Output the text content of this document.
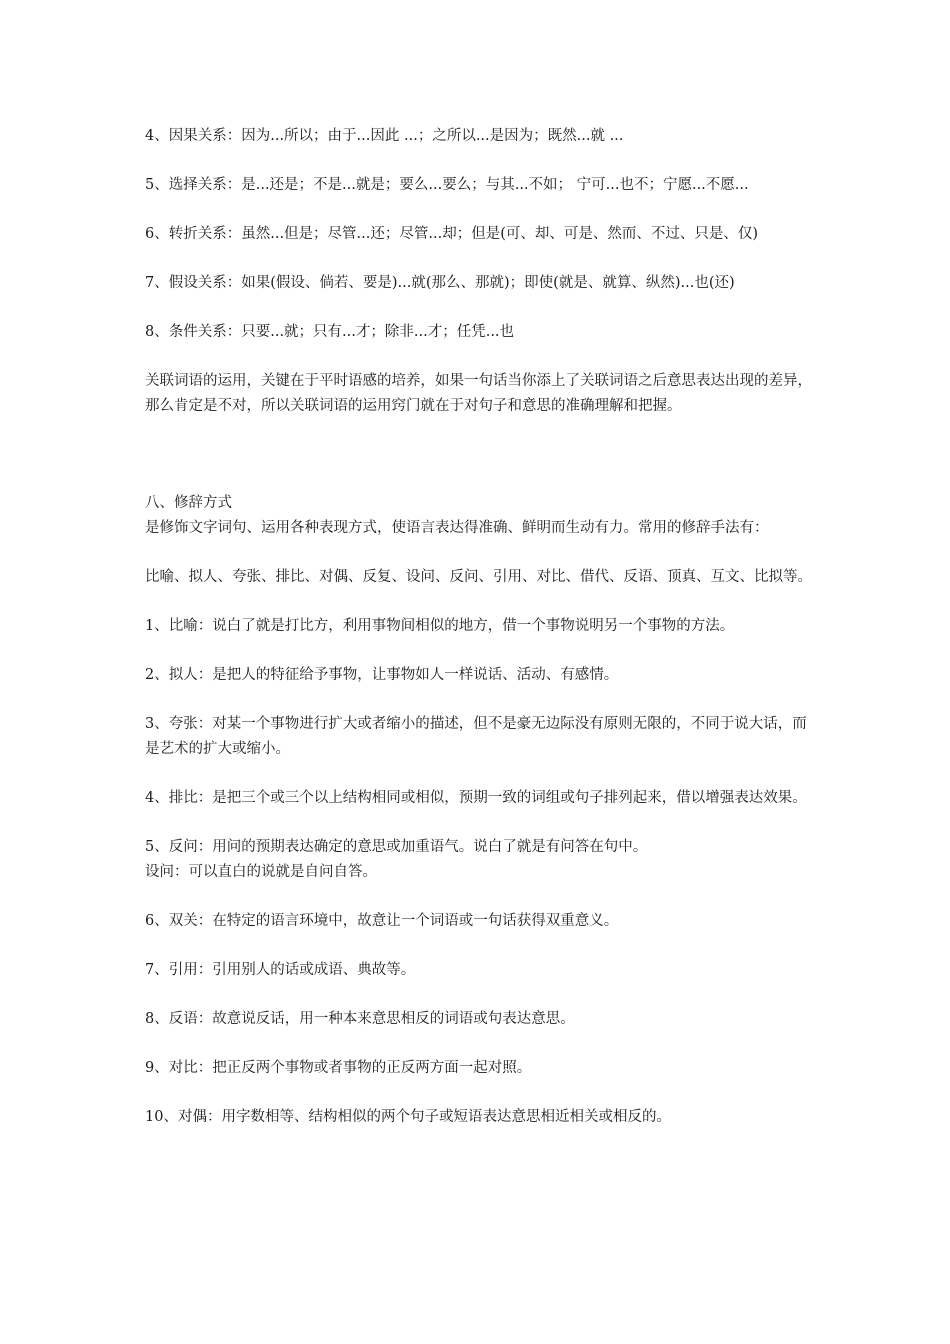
4、因果关系：因为...所以；由于...因此 ...；之所以...是因为；既然...就 ...

5、选择关系：是...还是；不是...就是；要么...要么；与其...不如； 宁可...也不；宁愿...不愿...

6、转折关系：虽然...但是；尽管...还；尽管...却；但是(可、却、可是、然而、不过、只是、仅)

7、假设关系：如果(假设、倘若、要是)...就(那么、那就)；即使(就是、就算、纵然)...也(还)

8、条件关系：只要...就；只有...才；除非...才；任凭...也

关联词语的运用，关键在于平时语感的培养，如果一句话当你添上了关联词语之后意思表达出现的差异，那么肯定是不对，所以关联词语的运用窍门就在于对句子和意思的准确理解和把握。

八、修辞方式

是修饰文字词句、运用各种表现方式，使语言表达得准确、鲜明而生动有力。常用的修辞手法有：

比喻、拟人、夸张、排比、对偶、反复、设问、反问、引用、对比、借代、反语、顶真、互文、比拟等。

1、比喻：说白了就是打比方，利用事物间相似的地方，借一个事物说明另一个事物的方法。

2、拟人：是把人的特征给予事物，让事物如人一样说话、活动、有感情。

3、夸张：对某一个事物进行扩大或者缩小的描述，但不是豪无边际没有原则无限的，不同于说大话，而是艺术的扩大或缩小。

4、排比：是把三个或三个以上结构相同或相似，预期一致的词组或句子排列起来，借以增强表达效果。

5、反问：用问的预期表达确定的意思或加重语气。说白了就是有问答在句中。

设问：可以直白的说就是自问自答。

6、双关：在特定的语言环境中，故意让一个词语或一句话获得双重意义。

7、引用：引用别人的话或成语、典故等。

8、反语：故意说反话，用一种本来意思相反的词语或句表达意思。

9、对比：把正反两个事物或者事物的正反两方面一起对照。

10、对偶：用字数相等、结构相似的两个句子或短语表达意思相近相关或相反的。
